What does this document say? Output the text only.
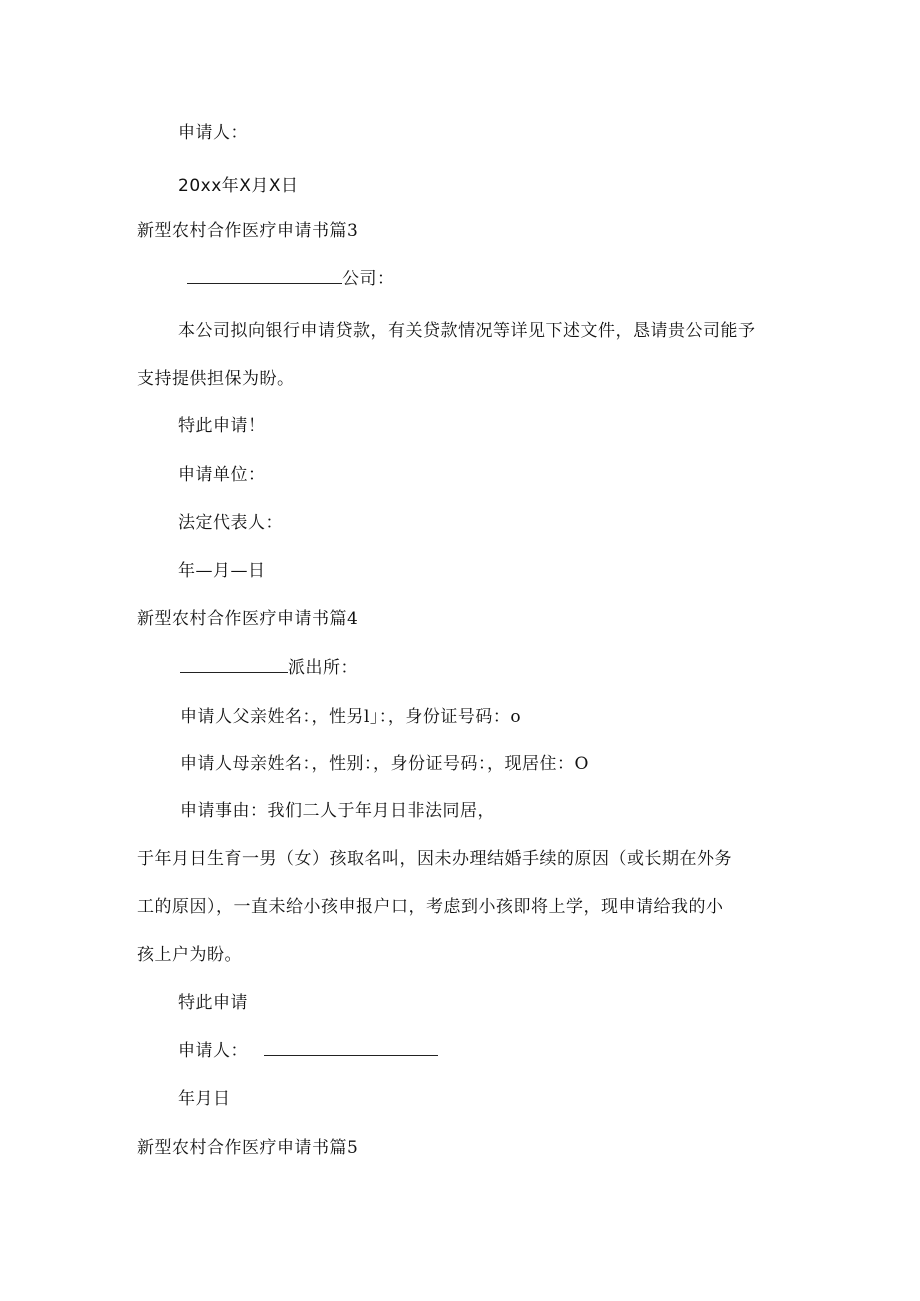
申请人：
20xx年X月X日
新型农村合作医疗申请书篇3
公司：
本公司拟向银行申请贷款，有关贷款情况等详见下述文件，恳请贵公司能予
支持提供担保为盼。
特此申请！
申请单位：
法定代表人：
年—月—日
新型农村合作医疗申请书篇4
派出所：
申请人父亲姓名：，性另l」：，身份证号码：o
申请人母亲姓名：，性别：，身份证号码：，现居住：O
申请事由：我们二人于年月日非法同居，
于年月日生育一男（女）孩取名叫，因未办理结婚手续的原因（或长期在外务
工的原因），一直未给小孩申报户口，考虑到小孩即将上学，现申请给我的小
孩上户为盼。
特此申请
申请人：
年月日
新型农村合作医疗申请书篇5
